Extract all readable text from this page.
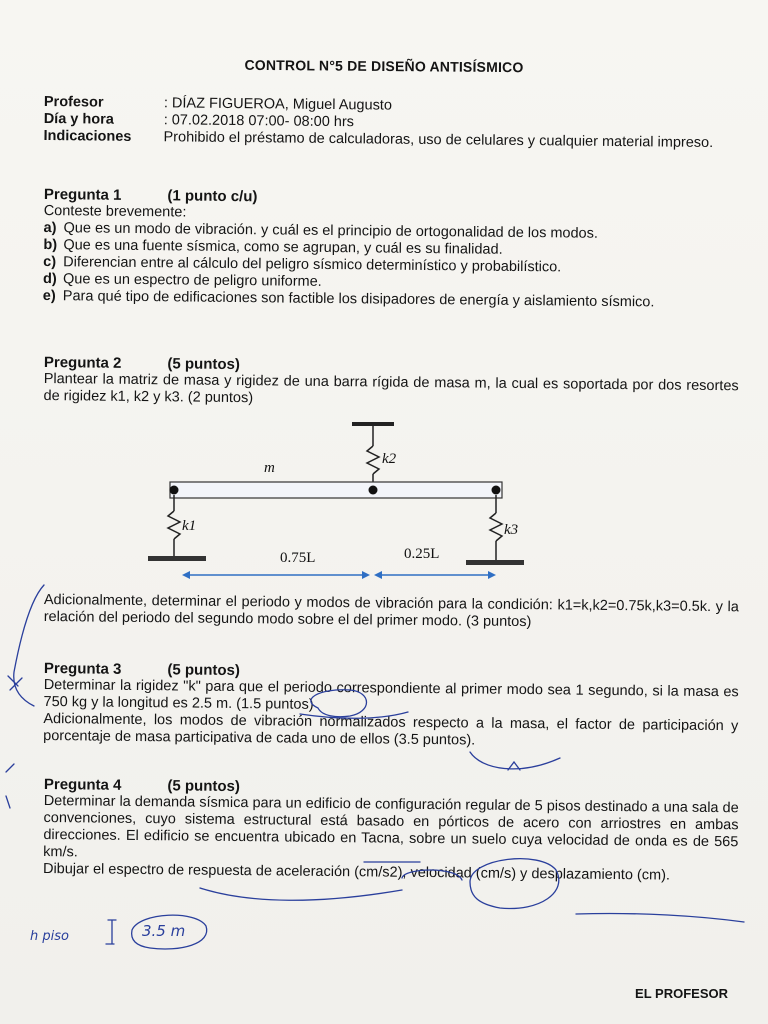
CONTROL N°5 DE DISEÑO ANTISÍSMICO
Profesor	: DÍAZ FIGUEROA, Miguel Augusto
Día y hora	: 07.02.2018 07:00- 08:00 hrs
Indicaciones	Prohibido el préstamo de calculadoras, uso de celulares y cualquier material impreso.
Pregunta 1	(1 punto c/u)
Conteste brevemente:
a) Que es un modo de vibración. y cuál es el principio de ortogonalidad de los modos.
b) Que es una fuente sísmica, como se agrupan, y cuál es su finalidad.
c) Diferencian entre al cálculo del peligro sísmico determinístico y probabilístico.
d) Que es un espectro de peligro uniforme.
e) Para qué tipo de edificaciones son factible los disipadores de energía y aislamiento sísmico.
Pregunta 2	(5 puntos)
Plantear la matriz de masa y rigidez de una barra rígida de masa m, la cual es soportada por dos resortes de rigidez k1, k2 y k3. (2 puntos)
m
k2
k1	k3
0.75L	0.25L
Adicionalmente, determinar el periodo y modos de vibración para la condición: k1=k,k2=0.75k,k3=0.5k. y la relación del periodo del segundo modo sobre el del primer modo. (3 puntos)
Pregunta 3	(5 puntos)
Determinar la rigidez "k" para que el periodo correspondiente al primer modo sea 1 segundo, si la masa es 750 kg y la longitud es 2.5 m. (1.5 puntos)
Adicionalmente, los modos de vibración normalizados respecto a la masa, el factor de participación y porcentaje de masa participativa de cada uno de ellos (3.5 puntos).
Pregunta 4	(5 puntos)
Determinar la demanda sísmica para un edificio de configuración regular de 5 pisos destinado a una sala de convenciones, cuyo sistema estructural está basado en pórticos de acero con arriostres en ambas direcciones. El edificio se encuentra ubicado en Tacna, sobre un suelo cuya velocidad de onda es de 565 km/s.
Dibujar el espectro de respuesta de aceleración (cm/s2), velocidad (cm/s) y desplazamiento (cm).
h piso	3.5 m
EL PROFESOR
